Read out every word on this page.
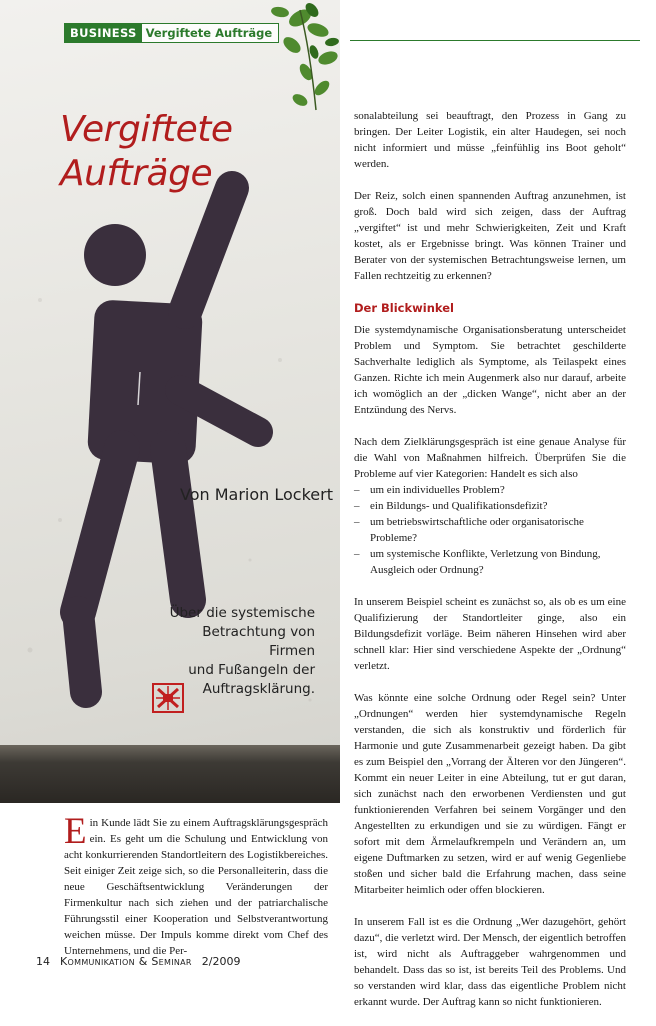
BUSINESS Vergiftete Aufträge
Vergiftete
Aufträge
Von Marion Lockert
Über die systemische
Betrachtung von Firmen
und Fußangeln der
Auftragsklärung.
Ein Kunde lädt Sie zu einem Auftragsklärungsgespräch ein. Es geht um die Schulung und Entwicklung von acht konkurrierenden Standortleitern des Logistikbereiches. Seit einiger Zeit zeige sich, so die Personalleiterin, dass die neue Geschäftsentwicklung Veränderungen der Firmenkultur nach sich ziehen und der patriarchalische Führungsstil einer Kooperation und Selbstverantwortung weichen müsse. Der Impuls komme direkt vom Chef des Unternehmens, und die Per-

sonalabteilung sei beauftragt, den Prozess in Gang zu bringen. Der Leiter Logistik, ein alter Haudegen, sei noch nicht informiert und müsse „feinfühlig ins Boot geholt“ werden.

Der Reiz, solch einen spannenden Auftrag anzunehmen, ist groß. Doch bald wird sich zeigen, dass der Auftrag „vergiftet“ ist und mehr Schwierigkeiten, Zeit und Kraft kostet, als er Ergebnisse bringt. Was können Trainer und Berater von der systemischen Betrachtungsweise lernen, um Fallen rechtzeitig zu erkennen?

Der Blickwinkel

Die systemdynamische Organisationsberatung unterscheidet Problem und Symptom. Sie betrachtet geschilderte Sachverhalte lediglich als Symptome, als Teilaspekt eines Ganzen. Richte ich mein Augenmerk also nur darauf, arbeite ich womöglich an der „dicken Wange“, nicht aber an der Entzündung des Nervs.

Nach dem Zielklärungsgespräch ist eine genaue Analyse für die Wahl von Maßnahmen hilfreich. Überprüfen Sie die Probleme auf vier Kategorien: Handelt es sich also

– um ein individuelles Problem?
– ein Bildungs- und Qualifikationsdefizit?
– um betriebswirtschaftliche oder organisatorische Probleme?
– um systemische Konflikte, Verletzung von Bindung, Ausgleich oder Ordnung?

In unserem Beispiel scheint es zunächst so, als ob es um eine Qualifizierung der Standortleiter ginge, also ein Bildungsdefizit vorläge. Beim näheren Hinsehen wird aber schnell klar: Hier sind verschiedene Aspekte der „Ordnung“ verletzt.

Was könnte eine solche Ordnung oder Regel sein? Unter „Ordnungen“ werden hier systemdynamische Regeln verstanden, die sich als konstruktiv und förderlich für Harmonie und gute Zusammenarbeit gezeigt haben. Da gibt es zum Beispiel den „Vorrang der Älteren vor den Jüngeren“. Kommt ein neuer Leiter in eine Abteilung, tut er gut daran, sich zunächst nach den erworbenen Verdiensten und gut funktionierenden Verfahren bei seinem Vorgänger und den Angestellten zu erkundigen und sie zu würdigen. Fängt er sofort mit dem Ärmelaufkrempeln und Verändern an, um eigene Duftmarken zu setzen, wird er auf wenig Gegenliebe stoßen und sicher bald die Erfahrung machen, dass seine Mitarbeiter heimlich oder offen blockieren.

In unserem Fall ist es die Ordnung „Wer dazugehört, gehört dazu“, die verletzt wird. Der Mensch, der eigentlich betroffen ist, wird nicht als Auftraggeber wahrgenommen und behandelt. Dass das so ist, ist bereits Teil des Problems. Und so verstanden wird klar, dass das eigentliche Problem nicht erkannt wurde. Der Auftrag kann so nicht funktionieren.

14 Kommunikation & Seminar 2/2009
